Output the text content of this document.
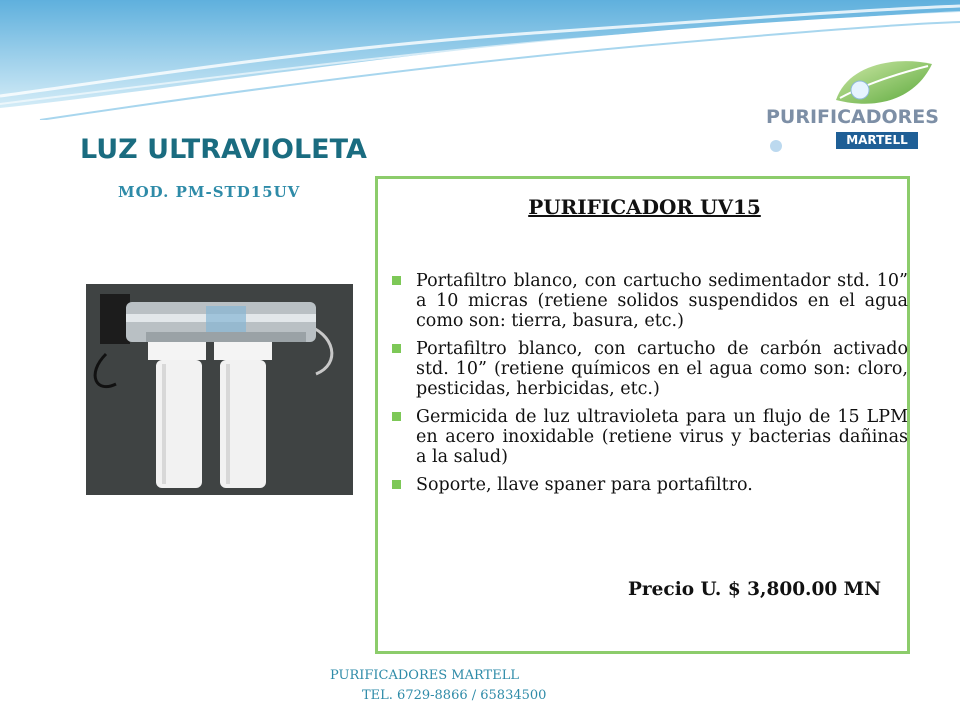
PURIFICADORES
MARTELL
LUZ ULTRAVIOLETA
MOD. PM-STD15UV
PURIFICADOR UV15
Portafiltro blanco, con cartucho sedimentador std. 10” a 10 micras (retiene solidos suspendidos en el agua como son: tierra, basura, etc.)
Portafiltro blanco, con cartucho de carbón activado std. 10” (retiene químicos en el agua como son: cloro, pesticidas, herbicidas, etc.)
Germicida de luz ultravioleta para un flujo de 15 LPM en acero inoxidable (retiene virus y bacterias dañinas a la salud)
Soporte, llave spaner para portafiltro.
Precio U. $ 3,800.00 MN
PURIFICADORES MARTELL
TEL. 6729-8866 / 65834500
